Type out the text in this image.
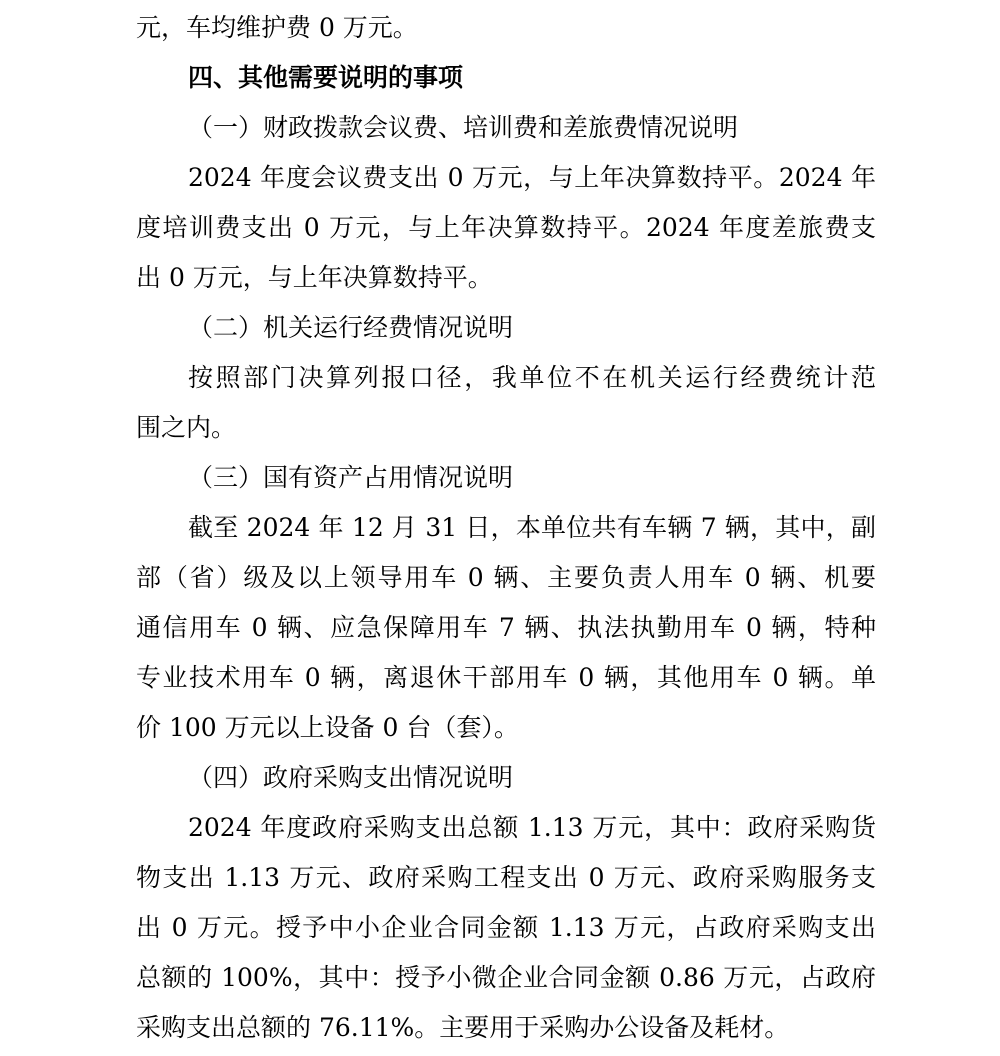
元，车均维护费 0 万元。

四、其他需要说明的事项

（一）财政拨款会议费、培训费和差旅费情况说明

2024 年度会议费支出 0 万元，与上年决算数持平。2024 年

度培训费支出 0 万元，与上年决算数持平。2024 年度差旅费支

出 0 万元，与上年决算数持平。

（二）机关运行经费情况说明

按照部门决算列报口径，我单位不在机关运行经费统计范

围之内。

（三）国有资产占用情况说明

截至 2024 年 12 月 31 日，本单位共有车辆 7 辆，其中，副

部（省）级及以上领导用车 0 辆、主要负责人用车 0 辆、机要

通信用车 0 辆、应急保障用车 7 辆、执法执勤用车 0 辆，特种

专业技术用车 0 辆，离退休干部用车 0 辆，其他用车 0 辆。单

价 100 万元以上设备 0 台（套）。

（四）政府采购支出情况说明

2024 年度政府采购支出总额 1.13 万元，其中：政府采购货

物支出 1.13 万元、政府采购工程支出 0 万元、政府采购服务支

出 0 万元。授予中小企业合同金额 1.13 万元，占政府采购支出

总额的 100%，其中：授予小微企业合同金额 0.86 万元，占政府

采购支出总额的 76.11%。主要用于采购办公设备及耗材。
